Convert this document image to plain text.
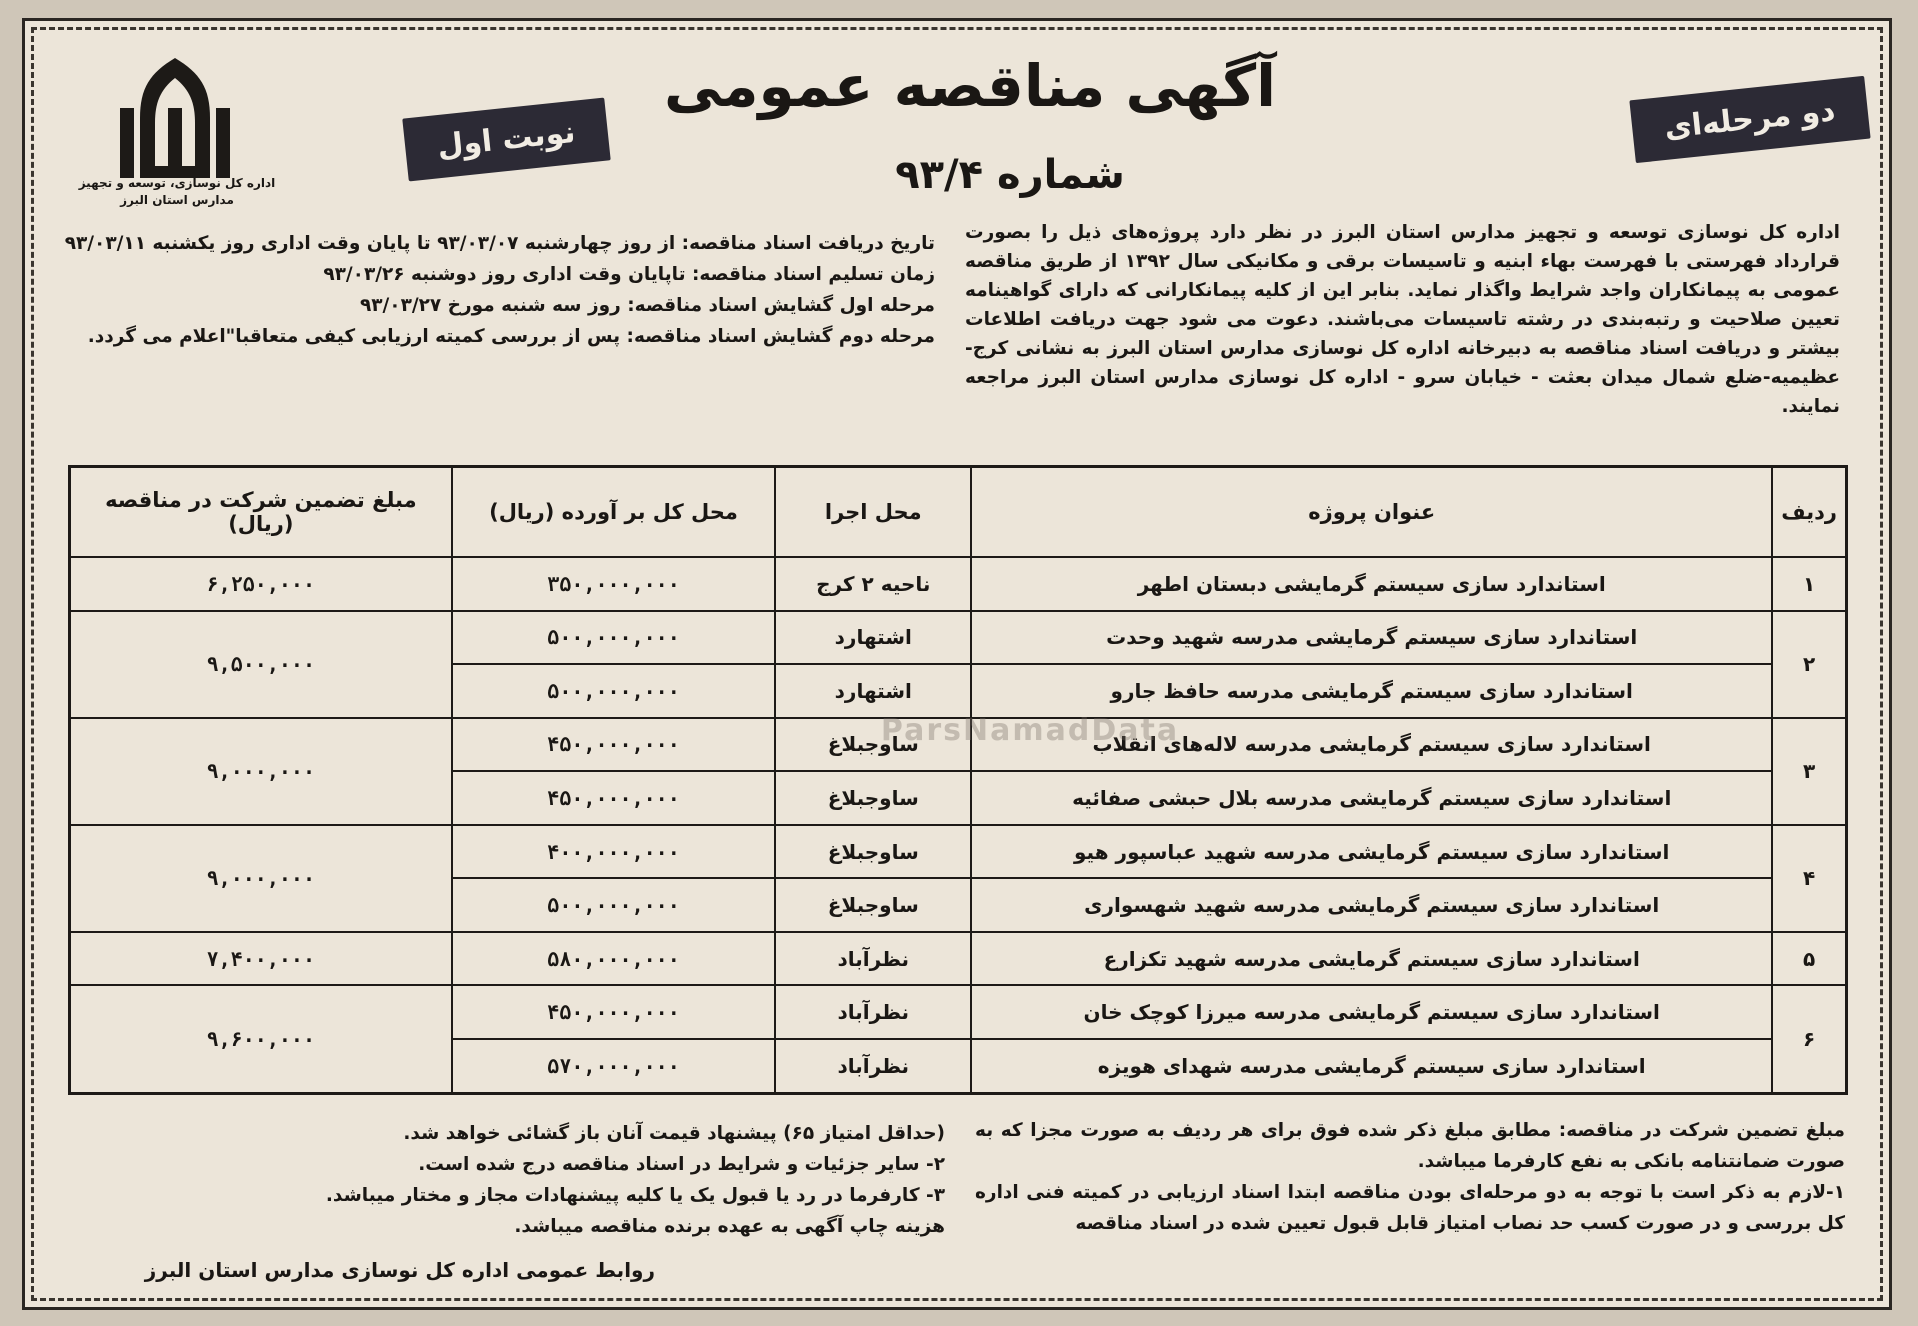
اداره کل نوسازی، توسعه و تجهیز مدارس استان البرز
دو مرحله‌ای
نوبت اول
آگهی مناقصه عمومی
شماره ۹۳/۴
اداره کل نوسازی توسعه و تجهیز مدارس استان البرز در نظر دارد پروژه‌های ذیل را بصورت قرارداد فهرستی با فهرست بهاء ابنیه و تاسیسات برقی و مکانیکی سال ۱۳۹۲ از طریق مناقصه عمومی به پیمانکاران واجد شرایط واگذار نماید. بنابر این از کلیه پیمانکارانی که دارای گواهینامه تعیین صلاحیت و رتبه‌بندی در رشته تاسیسات می‌باشند. دعوت می شود جهت دریافت اطلاعات بیشتر و دریافت اسناد مناقصه به دبیرخانه اداره کل نوسازی مدارس استان البرز به نشانی کرج-عظیمیه-ضلع شمال میدان بعثت - خیابان سرو - اداره کل نوسازی مدارس استان البرز مراجعه نمایند.
تاریخ دریافت اسناد مناقصه: از روز چهارشنبه ۹۳/۰۳/۰۷ تا پایان وقت اداری روز یکشنبه ۹۳/۰۳/۱۱
زمان تسلیم اسناد مناقصه: تاپایان وقت اداری روز دوشنبه ۹۳/۰۳/۲۶
مرحله اول گشایش اسناد مناقصه: روز سه شنبه مورخ ۹۳/۰۳/۲۷
مرحله دوم گشایش اسناد مناقصه: پس از بررسی کمیته ارزیابی کیفی متعاقبا"اعلام می گردد.
ردیف	عنوان پروژه	محل اجرا	محل کل بر آورده (ریال)	مبلغ تضمین شرکت در مناقصه (ریال)
۱	استاندارد سازی سیستم گرمایشی دبستان اطهر	ناحیه ۲ کرج	۳۵۰,۰۰۰,۰۰۰	۶,۲۵۰,۰۰۰
۲	استاندارد سازی سیستم گرمایشی مدرسه شهید وحدت	اشتهارد	۵۰۰,۰۰۰,۰۰۰	۹,۵۰۰,۰۰۰
	استاندارد سازی سیستم گرمایشی مدرسه حافظ جارو	اشتهارد	۵۰۰,۰۰۰,۰۰۰	
۳	استاندارد سازی سیستم گرمایشی مدرسه لاله‌های انقلاب	ساوجبلاغ	۴۵۰,۰۰۰,۰۰۰	۹,۰۰۰,۰۰۰
	استاندارد سازی سیستم گرمایشی مدرسه بلال حبشی صفائیه	ساوجبلاغ	۴۵۰,۰۰۰,۰۰۰	
۴	استاندارد سازی سیستم گرمایشی مدرسه شهید عباسپور هیو	ساوجبلاغ	۴۰۰,۰۰۰,۰۰۰	۹,۰۰۰,۰۰۰
	استاندارد سازی سیستم گرمایشی مدرسه شهید شهسواری	ساوجبلاغ	۵۰۰,۰۰۰,۰۰۰	
۵	استاندارد سازی سیستم گرمایشی مدرسه شهید تکزارع	نظرآباد	۵۸۰,۰۰۰,۰۰۰	۷,۴۰۰,۰۰۰
۶	استاندارد سازی سیستم گرمایشی مدرسه میرزا کوچک خان	نظرآباد	۴۵۰,۰۰۰,۰۰۰	۹,۶۰۰,۰۰۰
	استاندارد سازی سیستم گرمایشی مدرسه شهدای هویزه	نظرآباد	۵۷۰,۰۰۰,۰۰۰	
ParsNamadData
مبلغ تضمین شرکت در مناقصه: مطابق مبلغ ذکر شده فوق برای هر ردیف به صورت مجزا که به صورت ضمانتنامه بانکی به نفع کارفرما میباشد.
۱-لازم به ذکر است با توجه به دو مرحله‌ای بودن مناقصه ابتدا اسناد ارزیابی در کمیته فنی اداره کل بررسی و در صورت کسب حد نصاب امتیاز قابل قبول تعیین شده در اسناد مناقصه
(حداقل امتیاز ۶۵) پیشنهاد قیمت آنان باز گشائی خواهد شد.
۲- سایر جزئیات و شرایط در اسناد مناقصه درج شده است.
۳- کارفرما در رد یا قبول یک یا کلیه پیشنهادات مجاز و مختار میباشد.
هزینه چاپ آگهی به عهده برنده مناقصه میباشد.
روابط عمومی اداره کل نوسازی مدارس استان البرز
